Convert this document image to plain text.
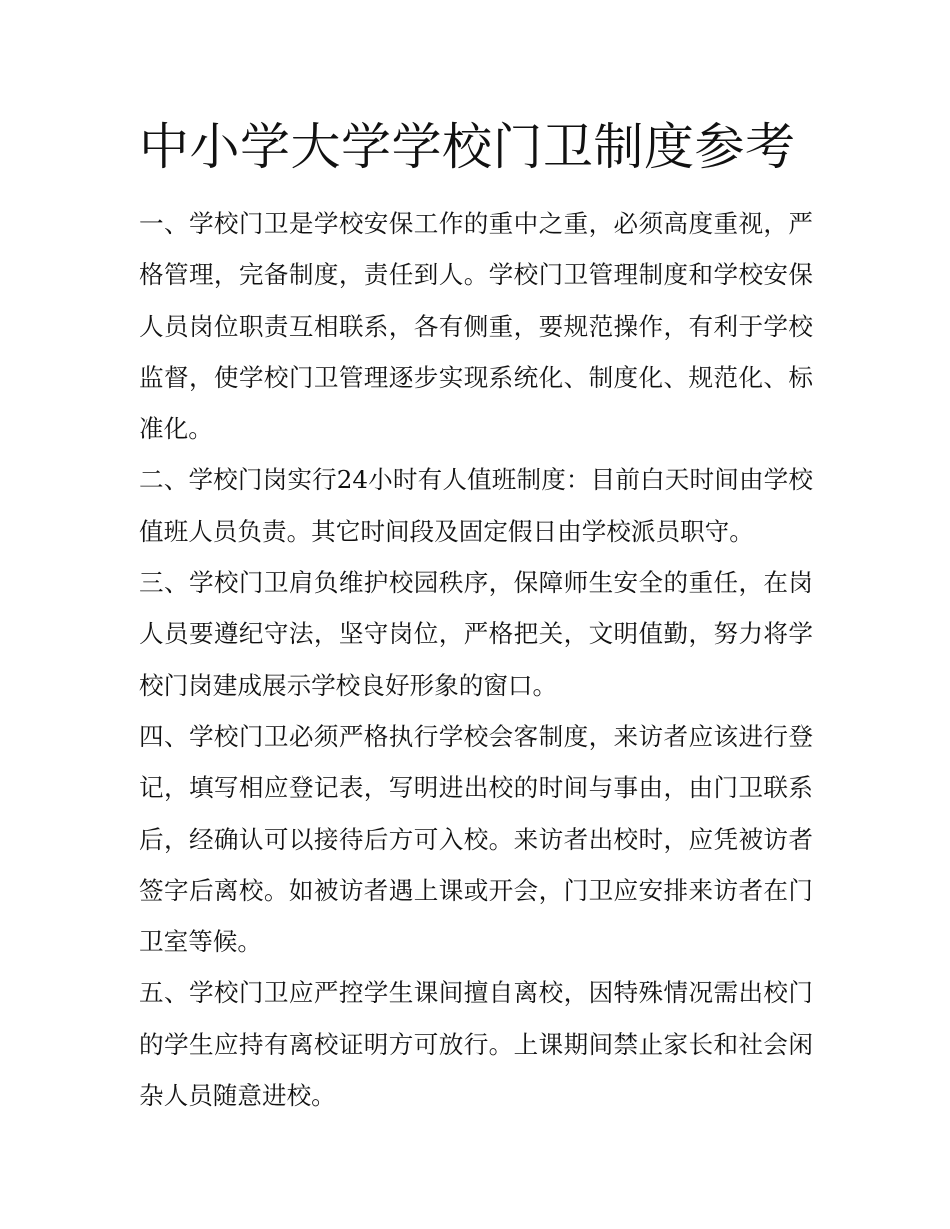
中小学大学学校门卫制度参考

一、学校门卫是学校安保工作的重中之重，必须高度重视，严格管理，完备制度，责任到人。学校门卫管理制度和学校安保人员岗位职责互相联系，各有侧重，要规范操作，有利于学校监督，使学校门卫管理逐步实现系统化、制度化、规范化、标准化。

二、学校门岗实行24小时有人值班制度：目前白天时间由学校值班人员负责。其它时间段及固定假日由学校派员职守。

三、学校门卫肩负维护校园秩序，保障师生安全的重任，在岗人员要遵纪守法，坚守岗位，严格把关，文明值勤，努力将学校门岗建成展示学校良好形象的窗口。

四、学校门卫必须严格执行学校会客制度，来访者应该进行登记，填写相应登记表，写明进出校的时间与事由，由门卫联系后，经确认可以接待后方可入校。来访者出校时，应凭被访者签字后离校。如被访者遇上课或开会，门卫应安排来访者在门卫室等候。

五、学校门卫应严控学生课间擅自离校，因特殊情况需出校门的学生应持有离校证明方可放行。上课期间禁止家长和社会闲杂人员随意进校。
